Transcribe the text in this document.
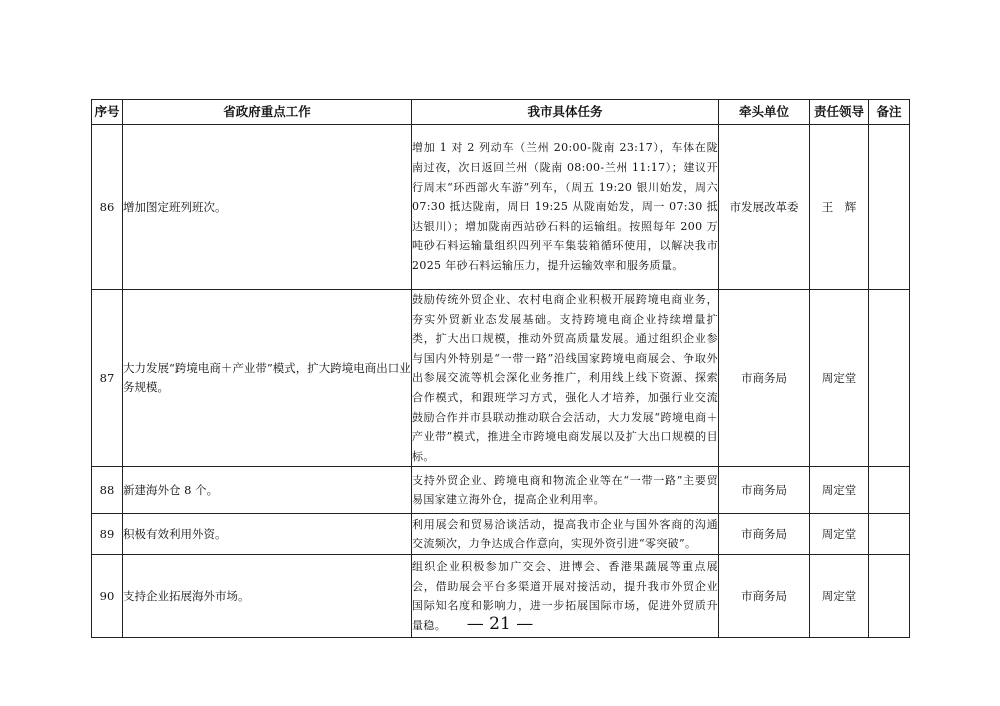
序号	省政府重点工作	我市具体任务	牵头单位	责任领导	备注
86	增加图定班列班次。	增加 1 对 2 列动车（兰州 20:00-陇南 23:17），车体在陇南过夜，次日返回兰州（陇南 08:00-兰州 11:17）；建议开行周末“环西部火车游”列车，（周五 19:20 银川始发，周六 07:30 抵达陇南，周日 19:25 从陇南始发，周一 07:30 抵达银川）；增加陇南西站砂石料的运输组。按照每年 200 万吨砂石料运输量组织四列平车集装箱循环使用，以解决我市 2025 年砂石料运输压力，提升运输效率和服务质量。	市发展改革委	王　辉	
87	大力发展“跨境电商＋产业带”模式，扩大跨境电商出口业务规模。	鼓励传统外贸企业、农村电商企业积极开展跨境电商业务，夯实外贸新业态发展基础。支持跨境电商企业持续增量扩类，扩大出口规模，推动外贸高质量发展。通过组织企业参与国内外特别是“一带一路”沿线国家跨境电商展会、争取外出参展交流等机会深化业务推广，利用线上线下资源、探索合作模式，和跟班学习方式，强化人才培养，加强行业交流鼓励合作并市县联动推动联合会活动，大力发展“跨境电商＋产业带”模式，推进全市跨境电商发展以及扩大出口规模的目标。	市商务局	周定堂	
88	新建海外仓 8 个。	支持外贸企业、跨境电商和物流企业等在“一带一路”主要贸易国家建立海外仓，提高企业利用率。	市商务局	周定堂	
89	积极有效利用外资。	利用展会和贸易洽谈活动，提高我市企业与国外客商的沟通交流频次，力争达成合作意向，实现外资引进“零突破”。	市商务局	周定堂	
90	支持企业拓展海外市场。	组织企业积极参加广交会、进博会、香港果蔬展等重点展会，借助展会平台多渠道开展对接活动，提升我市外贸企业国际知名度和影响力，进一步拓展国际市场，促进外贸质升量稳。	市商务局	周定堂	
— 21 —
